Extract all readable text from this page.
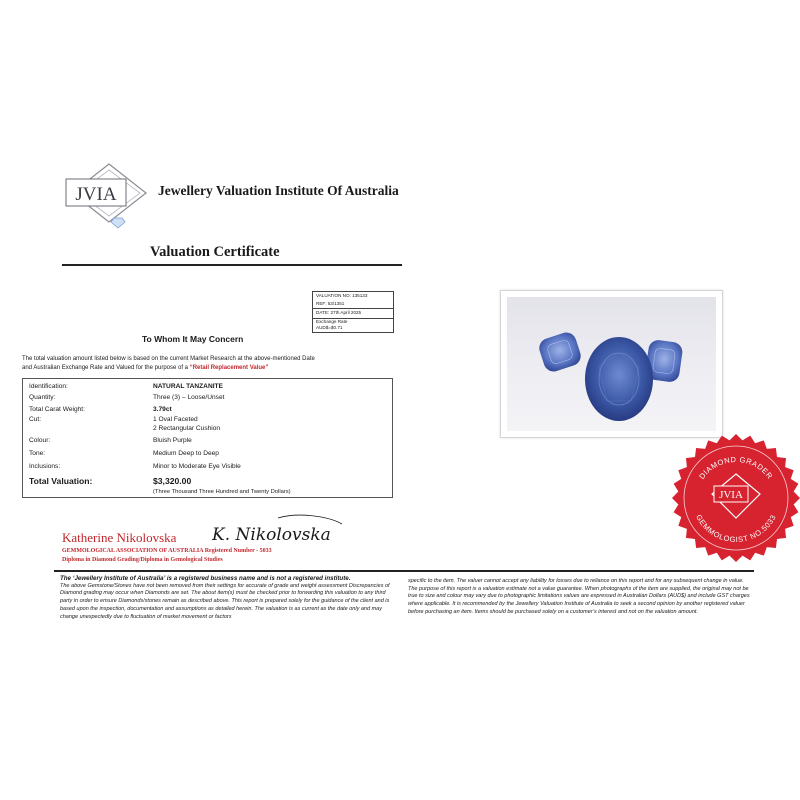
JVIA	Jewellery Valuation Institute Of Australia
Valuation Certificate
VALUATION NO: 135133
REF: 53/1351
DATE: 27th April 2025
Exchange Rate
AUD$=$0.71
To Whom It May Concern
The total valuation amount listed below is based on the current Market Research at the above-mentioned Date
and Australian Exchange Rate and Valued for the purpose of a “Retail Replacement Value”
Identification:	NATURAL TANZANITE
Quantity:	Three (3) – Loose/Unset
Total Carat Weight:	3.79ct
Cut:	1 Oval Faceted
2 Rectangular Cushion
Colour:	Bluish Purple
Tone:	Medium Deep to Deep
Inclusions:	Minor to Moderate Eye Visible
Total Valuation:	$3,320.00
(Three Thousand Three Hundred and Twenty Dollars)
Katherine Nikolovska K. Nikolovska
GEMMOLOGICAL ASSOCIATION OF AUSTRALIA Registered Number - 5033
Diploma in Diamond Grading/Diploma in Gemological Studies
The ‘Jewellery Institute of Australia’ is a registered business name and is not a registered institute.
The above Gemstone/Stones have not been removed from their settings for accurate of grade and weight assessment Discrepancies of Diamond grading may occur when Diamonds are set. The about item(s) must be checked prior to forwarding this valuation to any third party in order to ensure Diamonds/stones remain as described above. This report is prepared solely for the guidance of the client and is based upon the inspection, documentation and assumptions as detailed herein. The valuation is as current as the date only and may change unexpectedly due to fluctuation of market movement or factors
specific to the item. The valuer cannot accept any liability for losses due to reliance on this report and for any subsequent change in value. The purpose of this report is a valuation estimate not a value guarantee. When photographs of the item are supplied, the original may not be true to size and colour may vary due to photographic limitations values are expressed in Australian Dollars (AUD$) and include GST charges where applicable. It is recommended by the Jewellery Valuation Institute of Australia to seek a second opinion by another registered valuer before purchasing an item. Items should be purchased solely on a customer’s interest and not on the valuation amount.
DIAMOND GRADER
GEMMOLOGIST NO.5033
JVIA
